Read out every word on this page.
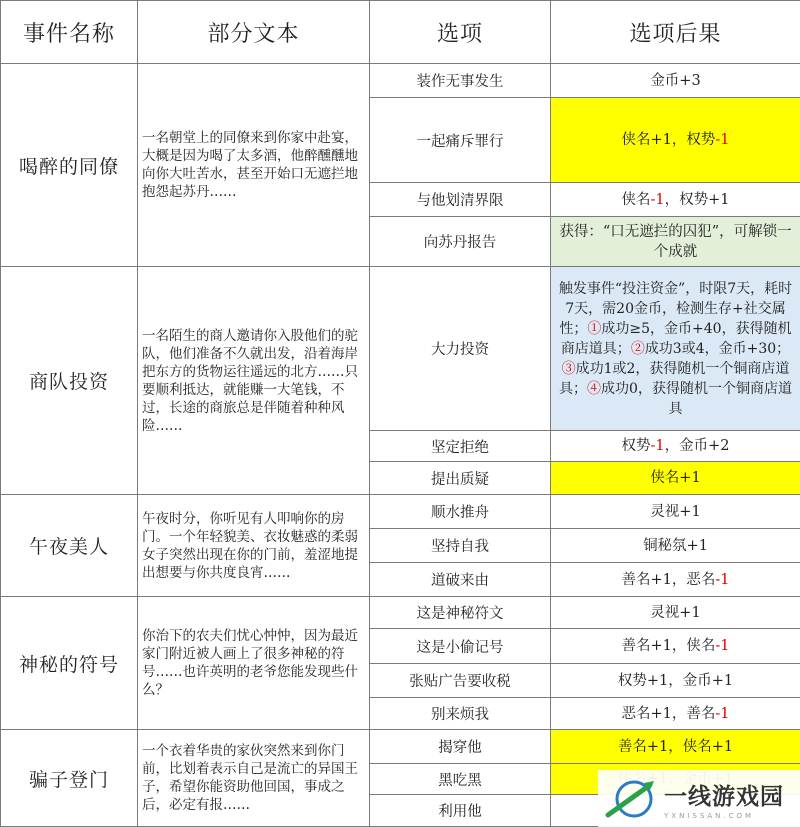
事件名称	部分文本	选项	选项后果
喝醉的同僚	一名朝堂上的同僚来到你家中赴宴，大概是因为喝了太多酒，他醉醺醺地向你大吐苦水，甚至开始口无遮拦地抱怨起苏丹……	装作无事发生	金币+3
		一起痛斥罪行	侠名+1，权势-1
		与他划清界限	侠名-1，权势+1
		向苏丹报告	获得：“口无遮拦的囚犯”，可解锁一个成就
商队投资	一名陌生的商人邀请你入股他们的驼队，他们准备不久就出发，沿着海岸把东方的货物运往遥远的北方……只要顺利抵达，就能赚一大笔钱，不过，长途的商旅总是伴随着种种风险……	大力投资	触发事件“投注资金”，时限7天，耗时7天，需20金币，检测生存+社交属性；①成功≥5，金币+40，获得随机商店道具；②成功3或4，金币+30；③成功1或2，获得随机一个铜商店道具；④成功0，获得随机一个铜商店道具
		坚定拒绝	权势-1，金币+2
		提出质疑	侠名+1
午夜美人	午夜时分，你听见有人叩响你的房门。一个年轻貌美、衣妆魅惑的柔弱女子突然出现在你的门前，羞涩地提出想要与你共度良宵……	顺水推舟	灵视+1
		坚持自我	铜秘氛+1
		道破来由	善名+1，恶名-1
神秘的符号	你治下的农夫们忧心忡忡，因为最近家门附近被人画上了很多神秘的符号……也许英明的老爷您能发现些什么？	这是神秘符文	灵视+1
		这是小偷记号	善名+1，侠名-1
		张贴广告要收税	权势+1，金币+1
		别来烦我	恶名+1，善名-1
骗子登门	一个衣着华贵的家伙突然来到你门前，比划着表示自己是流亡的异国王子，希望你能资助他回国，事成之后，必定有报……	揭穿他	善名+1，侠名+1
		黑吃黑	
		利用他	
一线游戏园
YXNISSAN.COM
